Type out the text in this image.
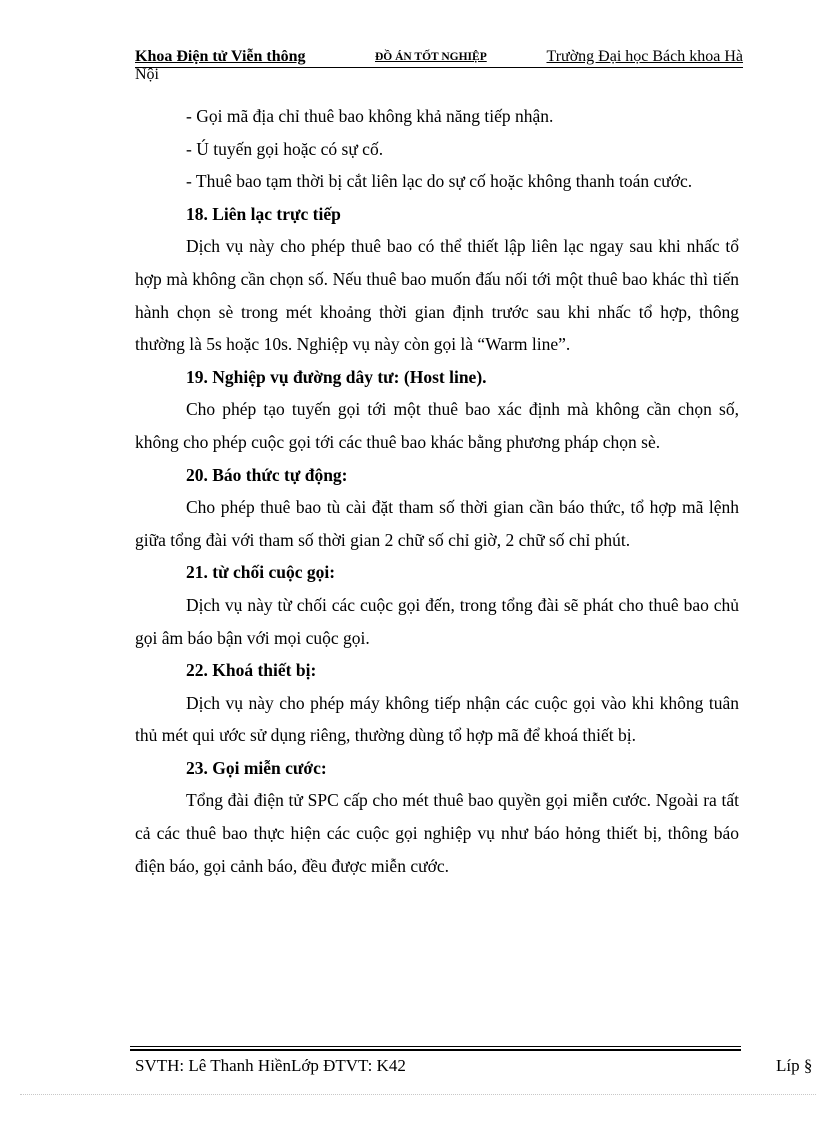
Khoa Điện tử Viễn thông	ĐỒ ÁN TỐT NGHIỆP	Trường Đại học Bách khoa Hà
Nội

- Gọi mã địa chỉ thuê bao không khả năng tiếp nhận.

- Ú tuyến gọi hoặc có sự cố.

- Thuê bao tạm thời bị cắt liên lạc do sự cố hoặc không thanh toán cước.

18. Liên lạc trực tiếp

Dịch vụ này cho phép thuê bao có thể thiết lập liên lạc ngay sau khi nhấc tổ hợp mà không cần chọn số. Nếu thuê bao muốn đấu nối tới một thuê bao khác thì tiến hành chọn sè trong mét khoảng thời gian định trước sau khi nhấc tổ hợp, thông thường là 5s hoặc 10s. Nghiệp vụ này còn gọi là “Warm line”.

19. Nghiệp vụ đường dây tư: (Host line).

Cho phép tạo tuyến gọi tới một thuê bao xác định mà không cần chọn số, không cho phép cuộc gọi tới các thuê bao khác bằng phương pháp chọn sè.

20. Báo thức tự động:

Cho phép thuê bao tù cài đặt tham số thời gian cần báo thức, tổ hợp mã lệnh giữa tổng đài với tham số thời gian 2 chữ số chỉ giờ, 2 chữ số chỉ phút.

21. từ chối cuộc gọi:

Dịch vụ này từ chối các cuộc gọi đến, trong tổng đài sẽ phát cho thuê bao chủ gọi âm báo bận với mọi cuộc gọi.

22. Khoá thiết bị:

Dịch vụ này cho phép máy không tiếp nhận các cuộc gọi vào khi không tuân thủ mét qui ước sử dụng riêng, thường dùng tổ hợp mã để khoá thiết bị.

23. Gọi miễn cước:

Tổng đài điện tử SPC cấp cho mét thuê bao quyền gọi miễn cước. Ngoài ra tất cả các thuê bao thực hiện các cuộc gọi nghiệp vụ như báo hỏng thiết bị, thông báo điện báo, gọi cảnh báo, đều được miễn cước.

SVTH: Lê Thanh HiềnLớp ĐTVT: K42	Líp §
